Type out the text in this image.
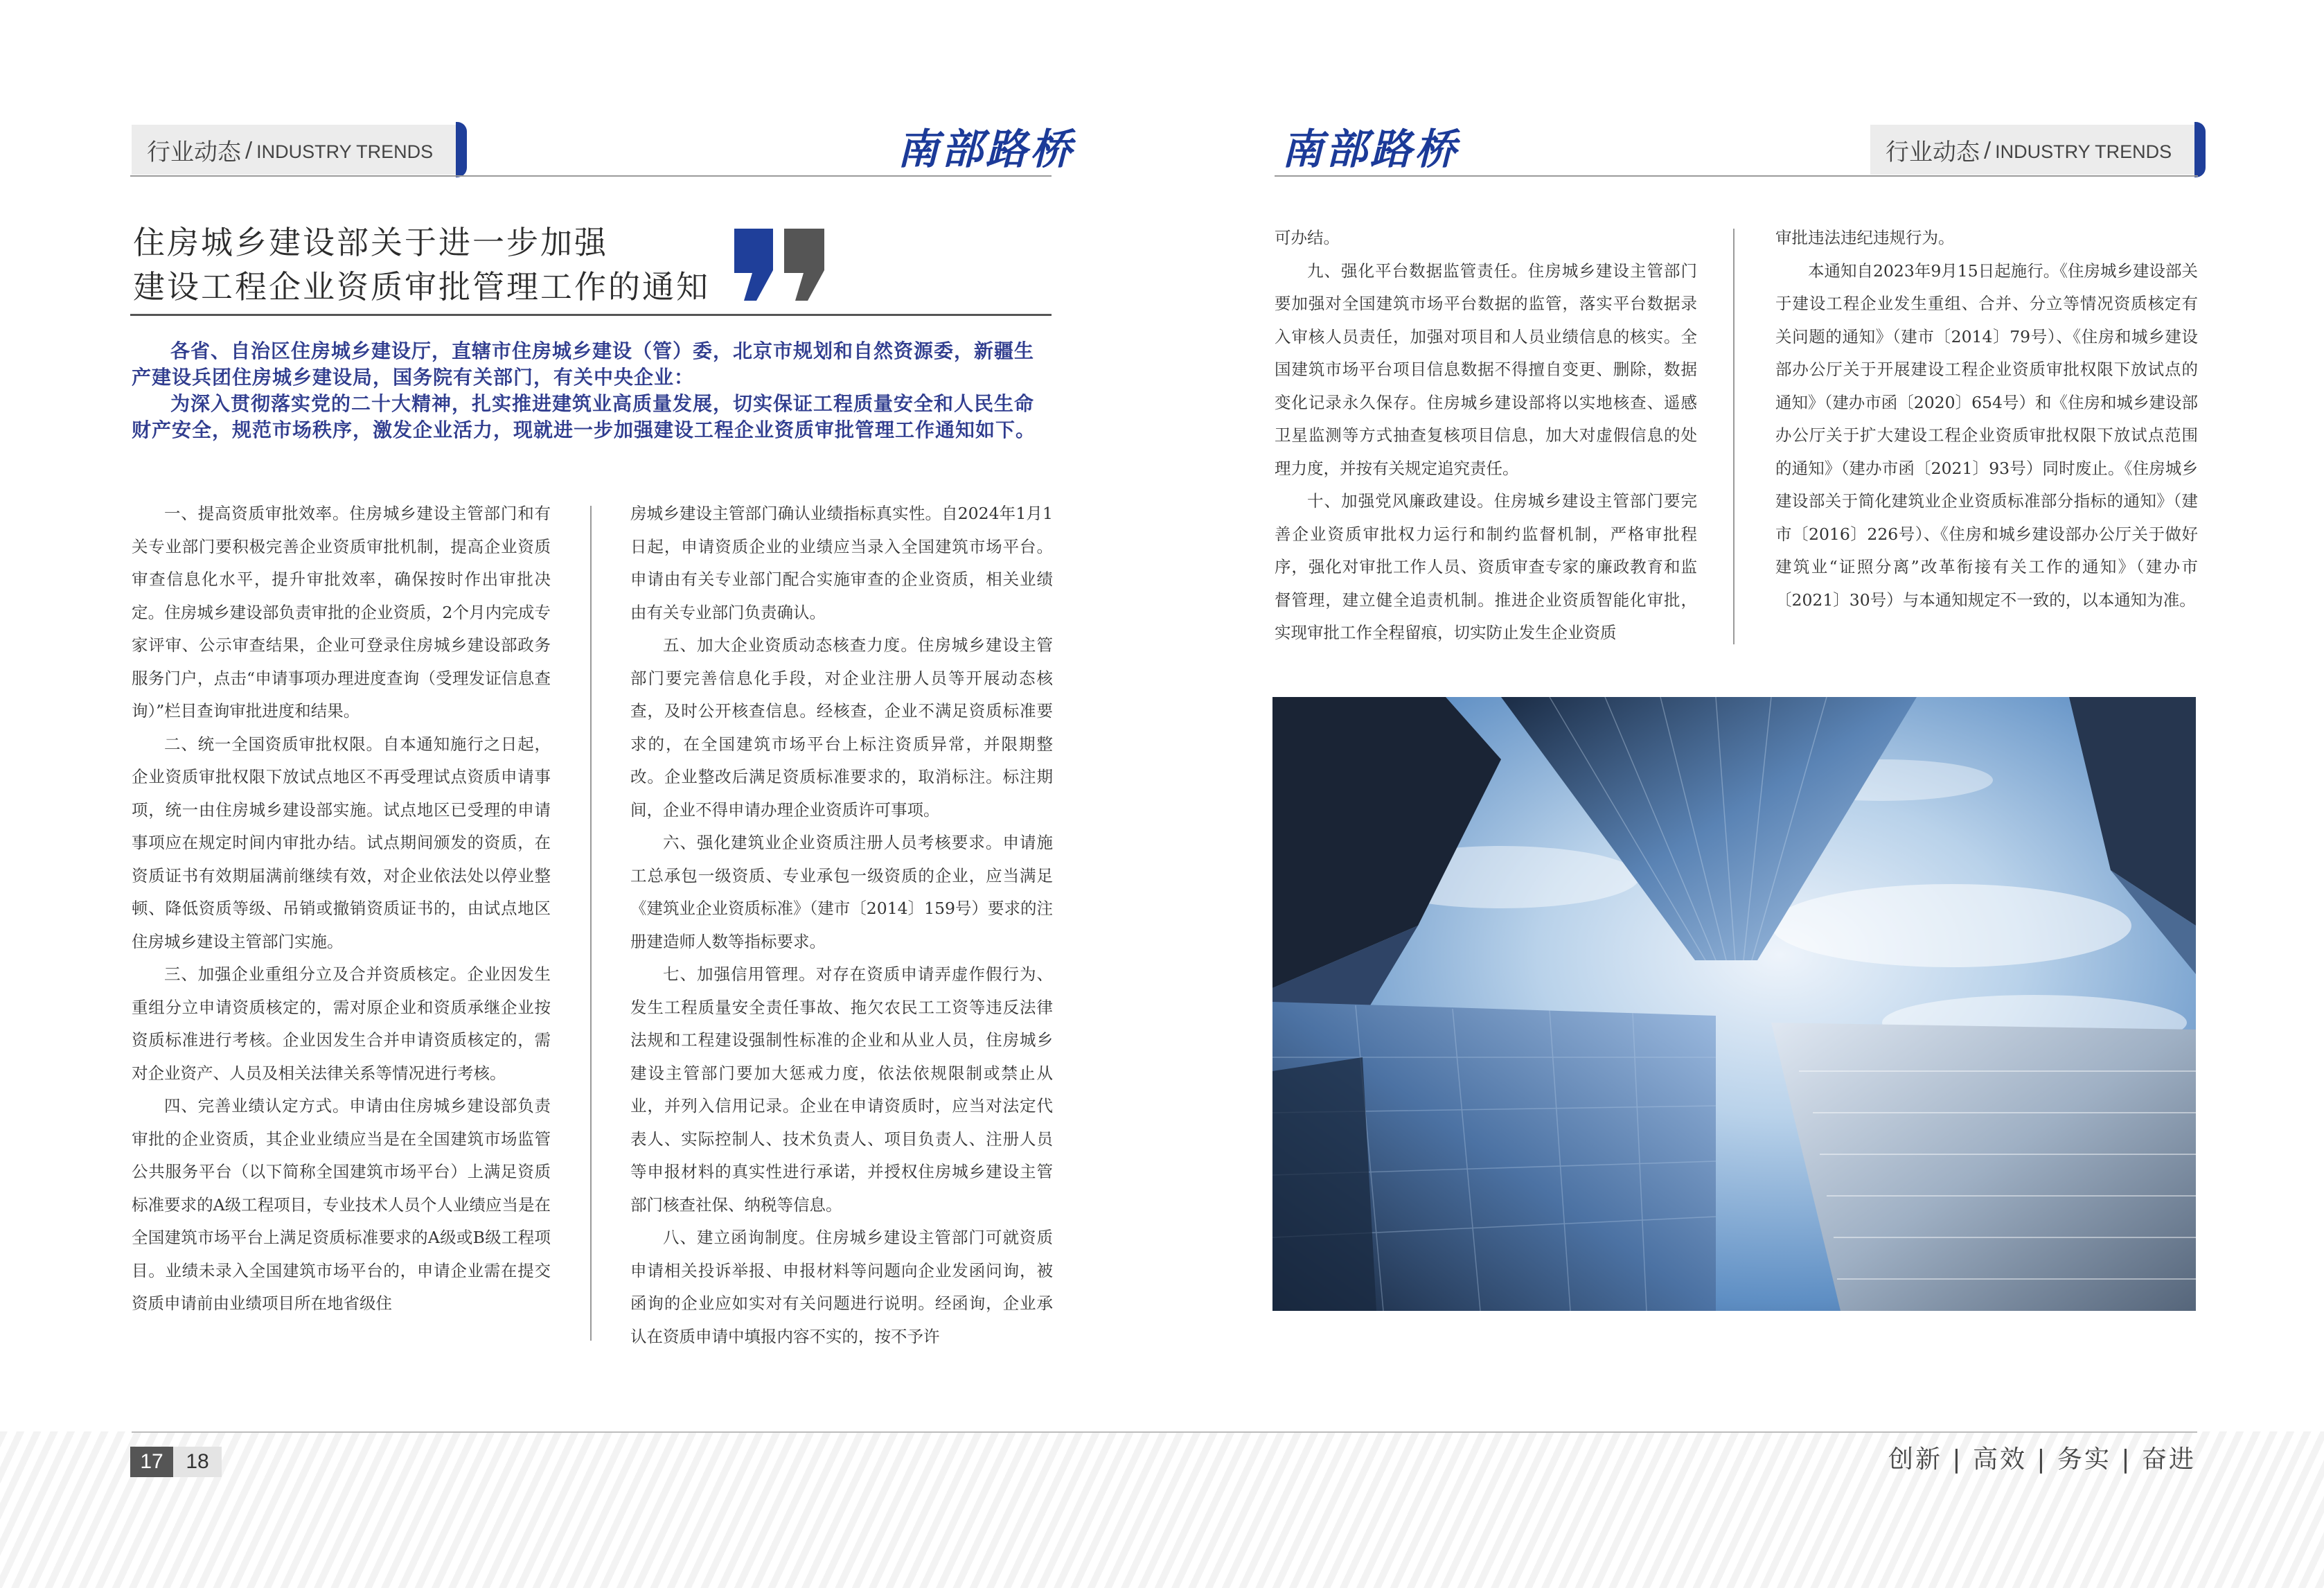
行业动态 / INDUSTRY TRENDS	南部路桥	南部路桥	行业动态 / INDUSTRY TRENDS
住房城乡建设部关于进一步加强
建设工程企业资质审批管理工作的通知

各省、自治区住房城乡建设厅，直辖市住房城乡建设（管）委，北京市规划和自然资源委，新疆生产建设兵团住房城乡建设局，国务院有关部门，有关中央企业：

为深入贯彻落实党的二十大精神，扎实推进建筑业高质量发展，切实保证工程质量安全和人民生命财产安全，规范市场秩序，激发企业活力，现就进一步加强建设工程企业资质审批管理工作通知如下。

一、提高资质审批效率。住房城乡建设主管部门和有关专业部门要积极完善企业资质审批机制，提高企业资质审查信息化水平，提升审批效率，确保按时作出审批决定。住房城乡建设部负责审批的企业资质，2个月内完成专家评审、公示审查结果，企业可登录住房城乡建设部政务服务门户，点击“申请事项办理进度查询（受理发证信息查询）”栏目查询审批进度和结果。

二、统一全国资质审批权限。自本通知施行之日起，企业资质审批权限下放试点地区不再受理试点资质申请事项，统一由住房城乡建设部实施。试点地区已受理的申请事项应在规定时间内审批办结。试点期间颁发的资质，在资质证书有效期届满前继续有效，对企业依法处以停业整顿、降低资质等级、吊销或撤销资质证书的，由试点地区住房城乡建设主管部门实施。

三、加强企业重组分立及合并资质核定。企业因发生重组分立申请资质核定的，需对原企业和资质承继企业按资质标准进行考核。企业因发生合并申请资质核定的，需对企业资产、人员及相关法律关系等情况进行考核。

四、完善业绩认定方式。申请由住房城乡建设部负责审批的企业资质，其企业业绩应当是在全国建筑市场监管公共服务平台（以下简称全国建筑市场平台）上满足资质标准要求的A级工程项目，专业技术人员个人业绩应当是在全国建筑市场平台上满足资质标准要求的A级或B级工程项目。业绩未录入全国建筑市场平台的，申请企业需在提交资质申请前由业绩项目所在地省级住

房城乡建设主管部门确认业绩指标真实性。自2024年1月1日起，申请资质企业的业绩应当录入全国建筑市场平台。申请由有关专业部门配合实施审查的企业资质，相关业绩由有关专业部门负责确认。

五、加大企业资质动态核查力度。住房城乡建设主管部门要完善信息化手段，对企业注册人员等开展动态核查，及时公开核查信息。经核查，企业不满足资质标准要求的，在全国建筑市场平台上标注资质异常，并限期整改。企业整改后满足资质标准要求的，取消标注。标注期间，企业不得申请办理企业资质许可事项。

六、强化建筑业企业资质注册人员考核要求。申请施工总承包一级资质、专业承包一级资质的企业，应当满足《建筑业企业资质标准》（建市〔2014〕159号）要求的注册建造师人数等指标要求。

七、加强信用管理。对存在资质申请弄虚作假行为、发生工程质量安全责任事故、拖欠农民工工资等违反法律法规和工程建设强制性标准的企业和从业人员，住房城乡建设主管部门要加大惩戒力度，依法依规限制或禁止从业，并列入信用记录。企业在申请资质时，应当对法定代表人、实际控制人、技术负责人、项目负责人、注册人员等申报材料的真实性进行承诺，并授权住房城乡建设主管部门核查社保、纳税等信息。

八、建立函询制度。住房城乡建设主管部门可就资质申请相关投诉举报、申报材料等问题向企业发函问询，被函询的企业应如实对有关问题进行说明。经函询，企业承认在资质申请中填报内容不实的，按不予许

可办结。

九、强化平台数据监管责任。住房城乡建设主管部门要加强对全国建筑市场平台数据的监管，落实平台数据录入审核人员责任，加强对项目和人员业绩信息的核实。全国建筑市场平台项目信息数据不得擅自变更、删除，数据变化记录永久保存。住房城乡建设部将以实地核查、遥感卫星监测等方式抽查复核项目信息，加大对虚假信息的处理力度，并按有关规定追究责任。

十、加强党风廉政建设。住房城乡建设主管部门要完善企业资质审批权力运行和制约监督机制，严格审批程序，强化对审批工作人员、资质审查专家的廉政教育和监督管理，建立健全追责机制。推进企业资质智能化审批，实现审批工作全程留痕，切实防止发生企业资质

审批违法违纪违规行为。

本通知自2023年9月15日起施行。《住房城乡建设部关于建设工程企业发生重组、合并、分立等情况资质核定有关问题的通知》（建市〔2014〕79号）、《住房和城乡建设部办公厅关于开展建设工程企业资质审批权限下放试点的通知》（建办市函〔2020〕654号）和《住房和城乡建设部办公厅关于扩大建设工程企业资质审批权限下放试点范围的通知》（建办市函〔2021〕93号）同时废止。《住房城乡建设部关于简化建筑业企业资质标准部分指标的通知》（建市〔2016〕226号）、《住房和城乡建设部办公厅关于做好建筑业“证照分离”改革衔接有关工作的通知》（建办市〔2021〕30号）与本通知规定不一致的，以本通知为准。

17	18	创新 | 高效 | 务实 | 奋进
